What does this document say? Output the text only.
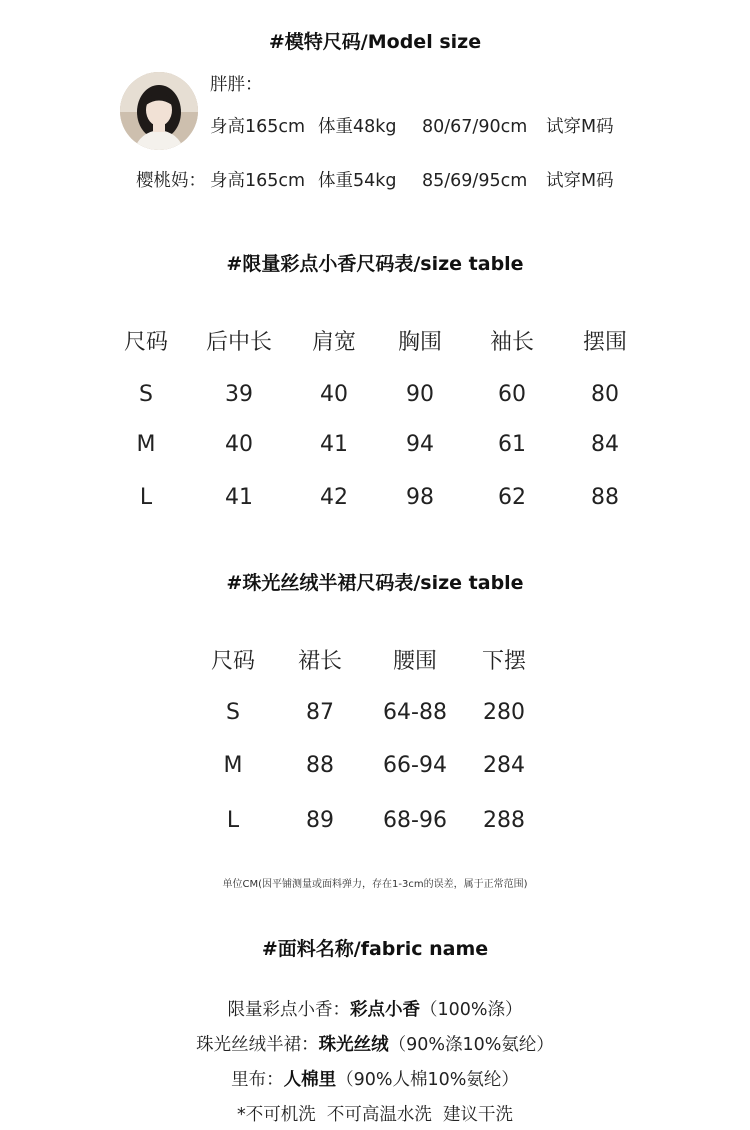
#模特尺码/Model size
胖胖：
身高165cm 体重48kg 80/67/90cm 试穿M码
樱桃妈： 身高165cm 体重54kg 85/69/95cm 试穿M码
#限量彩点小香尺码表/size table
尺码 后中长 肩宽 胸围 袖长 摆围
S	39	40	90	60	80
M	40	41	94	61	84
L	41	42	98	62	88
#珠光丝绒半裙尺码表/size table
尺码 裙长 腰围 下摆
S	87 64-88 280
M	88 66-94 284
L	89 68-96 288
单位CM(因平铺测量或面料弹力，存在1-3cm的误差，属于正常范围)
#面料名称/fabric name
限量彩点小香：彩点小香（100%涤）
珠光丝绒半裙：珠光丝绒（90%涤10%氨纶）
里布：人棉里（90%人棉10%氨纶）
*不可机洗  不可高温水洗  建议干洗
